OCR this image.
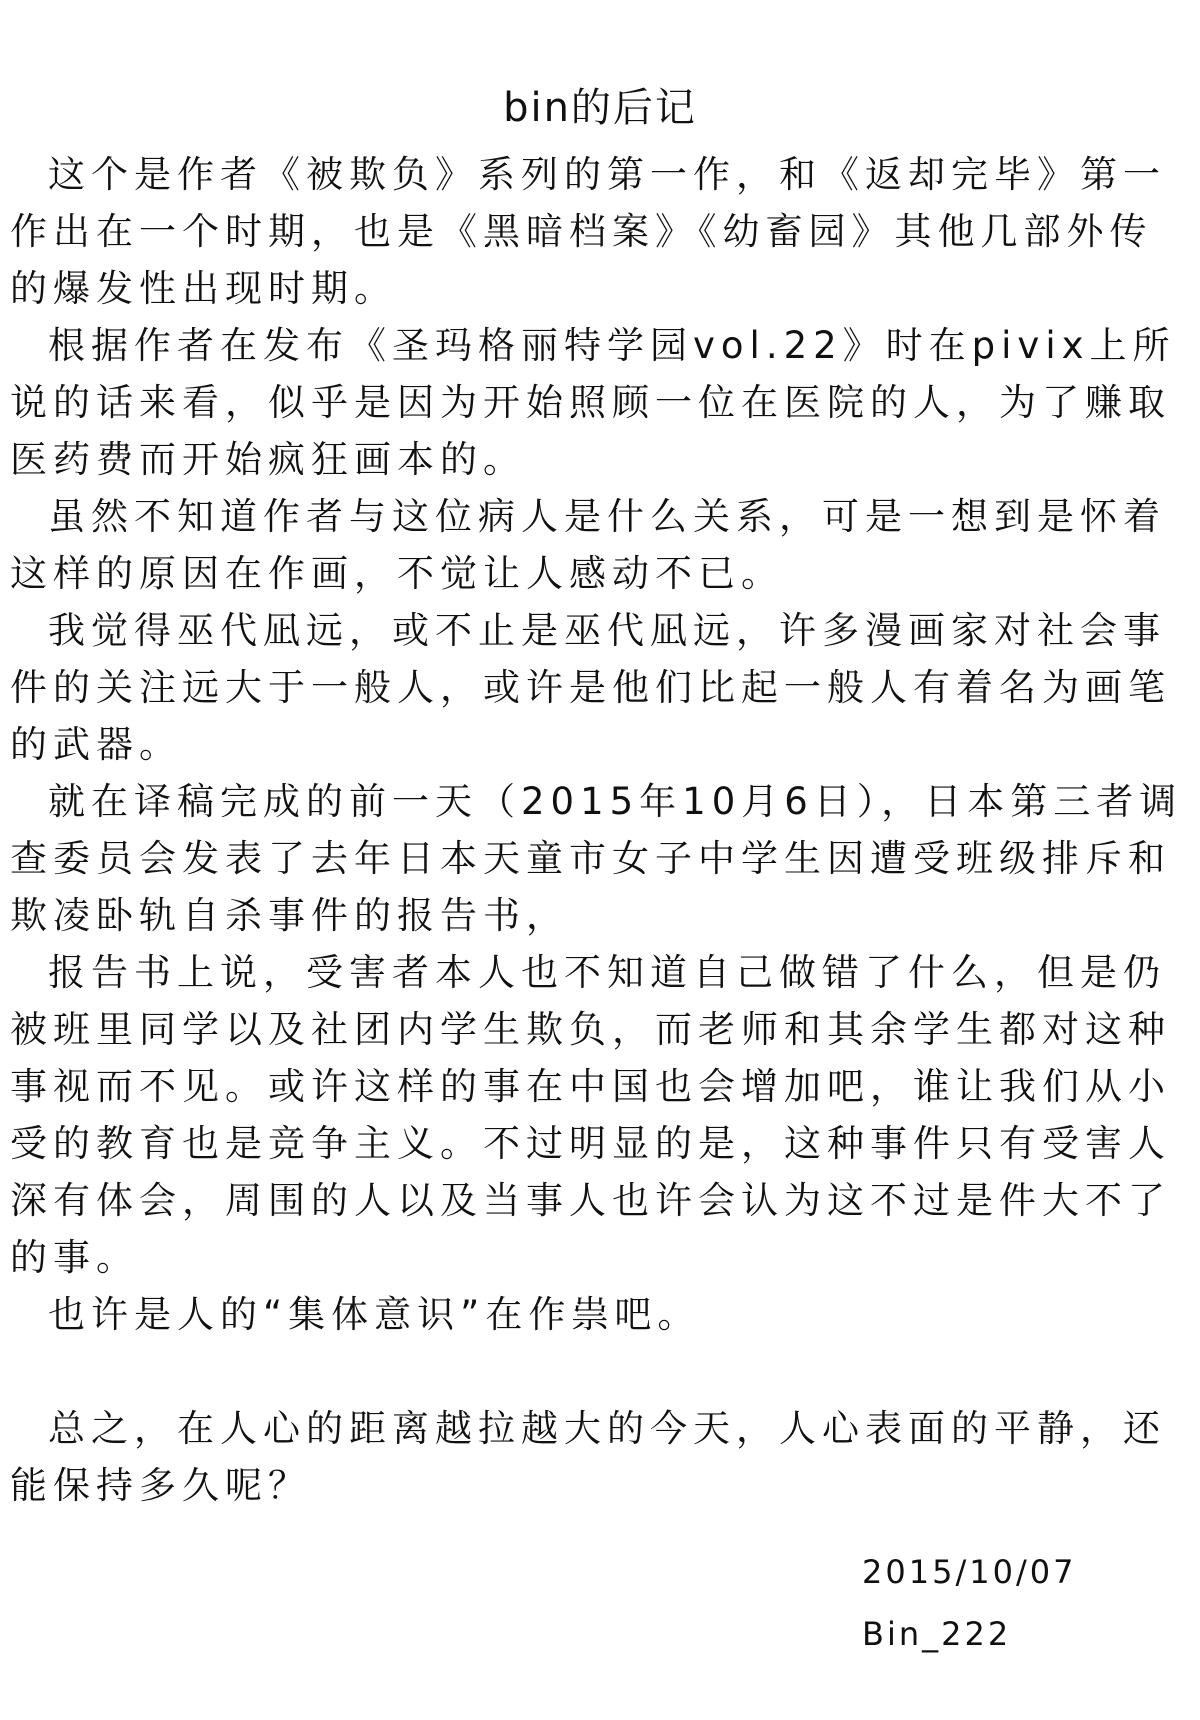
bin的后记

这个是作者《被欺负》系列的第一作，和《返却完毕》第一作出在一个时期，也是《黑暗档案》《幼畜园》其他几部外传的爆发性出现时期。

根据作者在发布《圣玛格丽特学园vol.22》时在pivix上所说的话来看，似乎是因为开始照顾一位在医院的人，为了赚取医药费而开始疯狂画本的。

虽然不知道作者与这位病人是什么关系，可是一想到是怀着这样的原因在作画，不觉让人感动不已。

我觉得巫代凪远，或不止是巫代凪远，许多漫画家对社会事件的关注远大于一般人，或许是他们比起一般人有着名为画笔的武器。

就在译稿完成的前一天（2015年10月6日），日本第三者调查委员会发表了去年日本天童市女子中学生因遭受班级排斥和欺凌卧轨自杀事件的报告书，

报告书上说，受害者本人也不知道自己做错了什么，但是仍被班里同学以及社团内学生欺负，而老师和其余学生都对这种事视而不见。或许这样的事在中国也会增加吧，谁让我们从小受的教育也是竞争主义。不过明显的是，这种事件只有受害人深有体会，周围的人以及当事人也许会认为这不过是件大不了的事。

也许是人的“集体意识”在作祟吧。

总之，在人心的距离越拉越大的今天，人心表面的平静，还能保持多久呢？

2015/10/07
Bin_222
